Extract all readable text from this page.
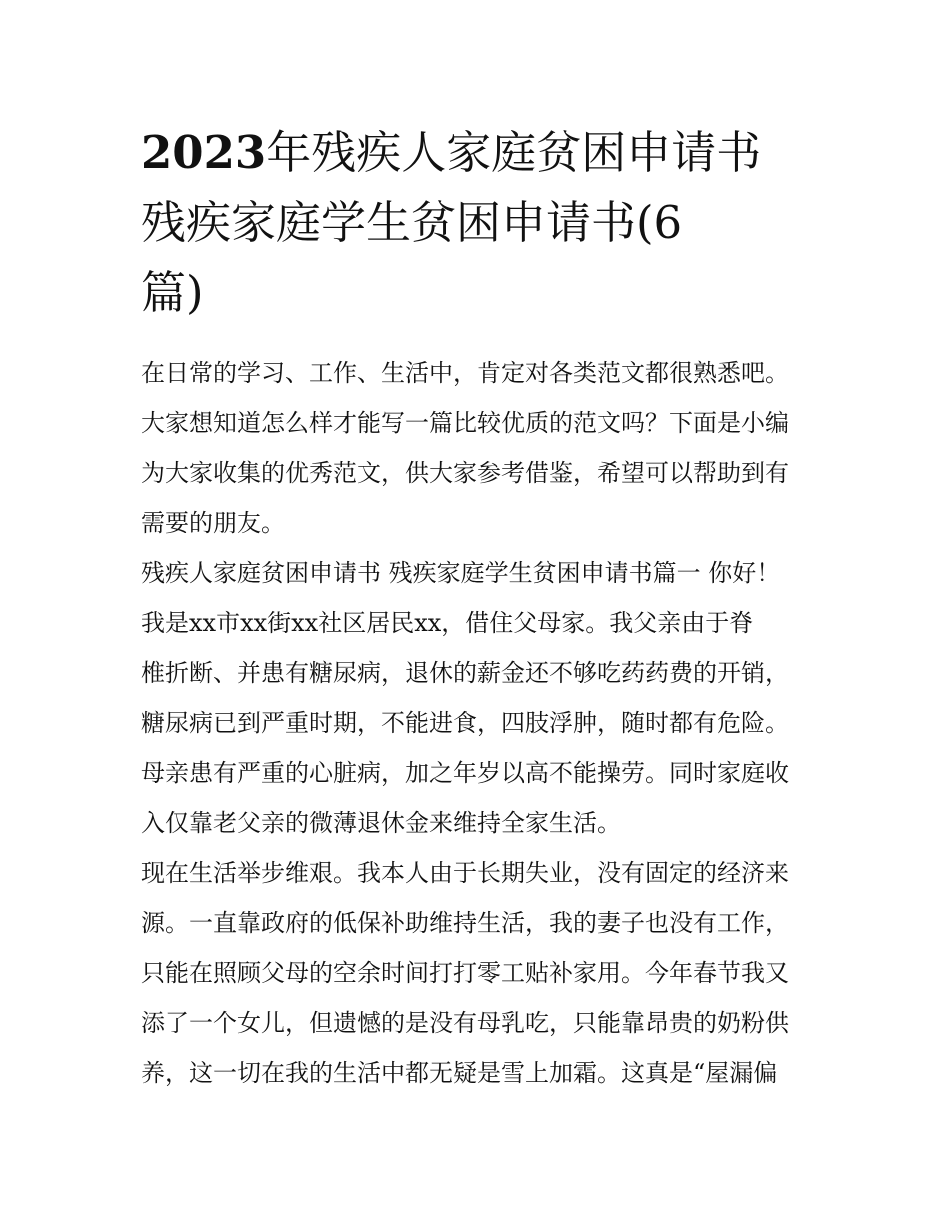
2023年残疾人家庭贫困申请书
残疾家庭学生贫困申请书(6
篇)

在日常的学习、工作、生活中，肯定对各类范文都很熟悉吧。
大家想知道怎么样才能写一篇比较优质的范文吗？下面是小编
为大家收集的优秀范文，供大家参考借鉴，希望可以帮助到有
需要的朋友。

残疾人家庭贫困申请书 残疾家庭学生贫困申请书篇一 你好！
我是xx市xx街xx社区居民xx，借住父母家。我父亲由于脊
椎折断、并患有糖尿病，退休的薪金还不够吃药药费的开销，
糖尿病已到严重时期，不能进食，四肢浮肿，随时都有危险。
母亲患有严重的心脏病，加之年岁以高不能操劳。同时家庭收
入仅靠老父亲的微薄退休金来维持全家生活。

现在生活举步维艰。我本人由于长期失业，没有固定的经济来
源。一直靠政府的低保补助维持生活，我的妻子也没有工作，
只能在照顾父母的空余时间打打零工贴补家用。今年春节我又
添了一个女儿，但遗憾的是没有母乳吃，只能靠昂贵的奶粉供
养，这一切在我的生活中都无疑是雪上加霜。这真是“屋漏偏
